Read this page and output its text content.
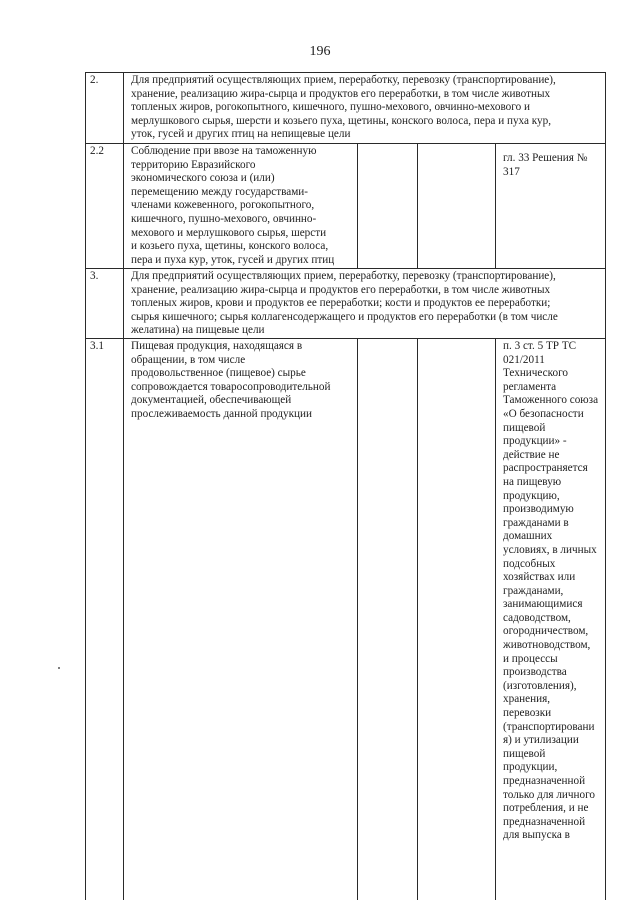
196
2.	Для предприятий осуществляющих прием, переработку, перевозку (транспортирование),
хранение, реализацию жира-сырца и продуктов его переработки, в том числе животных
топленых жиров, рогокопытного, кишечного, пушно-мехового, овчинно-мехового и
мерлушкового сырья, шерсти и козьего пуха, щетины, конского волоса, пера и пуха кур,
уток, гусей и других птиц на непищевые цели
2.2 Соблюдение при ввозе на таможенную
территорию Евразийского
экономического союза и (или)
перемещению между государствами-
членами кожевенного, рогокопытного,
кишечного, пушно-мехового, овчинно-
мехового и мерлушкового сырья, шерсти
и козьего пуха, щетины, конского волоса,
пера и пуха кур, уток, гусей и других птиц
гл. 33 Решения №
317
3.	Для предприятий осуществляющих прием, переработку, перевозку (транспортирование),
хранение, реализацию жира-сырца и продуктов его переработки, в том числе животных
топленых жиров, крови и продуктов ее переработки; кости и продуктов ее переработки;
сырья кишечного; сырья коллагенсодержащего и продуктов его переработки (в том числе
желатина) на пищевые цели
3.1 Пищевая продукция, находящаяся в
обращении, в том числе
продовольственное (пищевое) сырье
сопровождается товаросопроводительной
документацией, обеспечивающей
прослеживаемость данной продукции
п. 3 ст. 5 ТР ТС
021/2011
Технического
регламента
Таможенного союза
«О безопасности
пищевой
продукции» -
действие не
распространяется
на пищевую
продукцию,
производимую
гражданами в
домашних
условиях, в личных
подсобных
хозяйствах или
гражданами,
занимающимися
садоводством,
огородничеством,
животноводством,
и процессы
производства
(изготовления),
хранения,
перевозки
(транспортировани
я) и утилизации
пищевой
продукции,
предназначенной
только для личного
потребления, и не
предназначенной
для выпуска в
